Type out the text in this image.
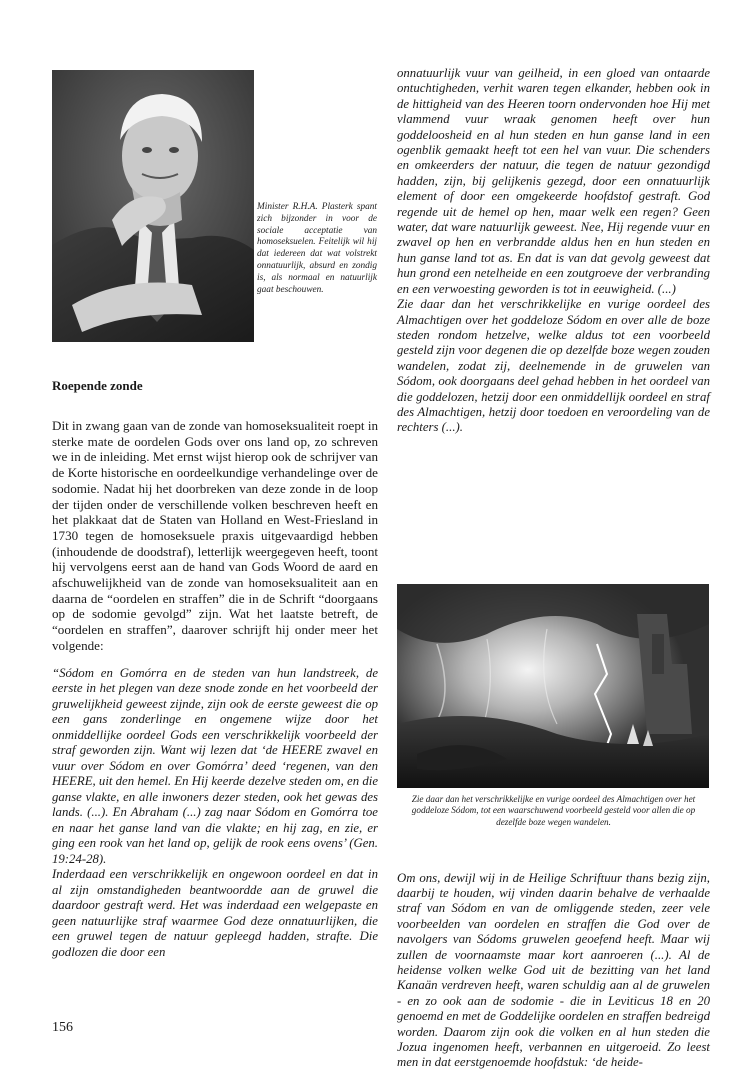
Minister R.H.A. Plasterk spant zich bijzonder in voor de sociale acceptatie van homoseksuelen. Feitelijk wil hij dat iedereen dat wat volstrekt onnatuurlijk, absurd en zondig is, als normaal en natuurlijk gaat beschouwen.
Roepende zonde

Dit in zwang gaan van de zonde van homoseksualiteit roept in sterke mate de oordelen Gods over ons land op, zo schreven we in de inleiding. Met ernst wijst hierop ook de schrijver van de Korte historische en oordeelkundige verhandelinge over de sodomie. Nadat hij het doorbreken van deze zonde in de loop der tijden onder de verschillende volken beschreven heeft en het plakkaat dat de Staten van Holland en West-Friesland in 1730 tegen de homoseksuele praxis uitgevaardigd hebben (inhoudende de doodstraf), letterlijk weergegeven heeft, toont hij vervolgens eerst aan de hand van Gods Woord de aard en afschuwelijkheid van de zonde van homoseksualiteit aan en daarna de “oordelen en straffen” die in de Schrift “doorgaans op de sodomie gevolgd” zijn. Wat het laatste betreft, de “oordelen en straffen”, daarover schrijft hij onder meer het volgende:

“Sódom en Gomórra en de steden van hun landstreek, de eerste in het plegen van deze snode zonde en het voorbeeld der gruwelijkheid geweest zijnde, zijn ook de eerste geweest die op een gans zonderlinge en ongemene wijze door het onmiddellijke oordeel Gods een verschrikkelijk voorbeeld der straf geworden zijn. Want wij lezen dat ‘de HEERE zwavel en vuur over Sódom en over Gomórra’ deed ‘regenen, van den HEERE, uit den hemel. En Hij keerde dezelve steden om, en die ganse vlakte, en alle inwoners dezer steden, ook het gewas des lands. (...). En Abraham (...) zag naar Sódom en Gomórra toe en naar het ganse land van die vlakte; en hij zag, en zie, er ging een rook van het land op, gelijk de rook eens ovens’ (Gen. 19:24-28).

Inderdaad een verschrikkelijk en ongewoon oordeel en dat in al zijn omstandigheden beantwoordde aan de gruwel die daardoor gestraft werd. Het was inderdaad een welgepaste en geen natuurlijke straf waarmee God deze onnatuurlijken, die een gruwel tegen de natuur gepleegd hadden, strafte. Die godlozen die door een

onnatuurlijk vuur van geilheid, in een gloed van ontaarde ontuchtigheden, verhit waren tegen elkander, hebben ook in de hittigheid van des Heeren toorn ondervonden hoe Hij met vlammend vuur wraak genomen heeft over hun goddeloosheid en al hun steden en hun ganse land in een ogenblik gemaakt heeft tot een hel van vuur. Die schenders en omkeerders der natuur, die tegen de natuur gezondigd hadden, zijn, bij gelijkenis gezegd, door een onnatuurlijk element of door een omgekeerde hoofdstof gestraft. God regende uit de hemel op hen, maar welk een regen? Geen water, dat ware natuurlijk geweest. Nee, Hij regende vuur en zwavel op hen en verbrandde aldus hen en hun steden en hun ganse land tot as. En dat is van dat gevolg geweest dat hun grond een netelheide en een zoutgroeve der verbranding en een verwoesting geworden is tot in eeuwigheid. (...)

Zie daar dan het verschrikkelijke en vurige oordeel des Almachtigen over het goddeloze Sódom en over alle de boze steden rondom hetzelve, welke aldus tot een voorbeeld gesteld zijn voor degenen die op dezelfde boze wegen zouden wandelen, zodat zij, deelnemende in de gruwelen van Sódom, ook doorgaans deel gehad hebben in het oordeel van die goddelozen, hetzij door een onmiddellijk oordeel en straf des Almachtigen, hetzij door toedoen en veroordeling van de rechters (...).

Zie daar dan het verschrikkelijke en vurige oordeel des Almachtigen over het goddeloze Sódom, tot een waarschuwend voorbeeld gesteld voor allen die op dezelfde boze wegen wandelen.

Om ons, dewijl wij in de Heilige Schriftuur thans bezig zijn, daarbij te houden, wij vinden daarin behalve de verhaalde straf van Sódom en van de omliggende steden, zeer vele voorbeelden van oordelen en straffen die God over de navolgers van Sódoms gruwelen geoefend heeft. Maar wij zullen de voornaamste maar kort aanroeren (...). Al de heidense volken welke God uit de bezitting van het land Kanaän verdreven heeft, waren schuldig aan al de gruwelen - en zo ook aan de sodomie - die in Leviticus 18 en 20 genoemd en met de Goddelijke oordelen en straffen bedreigd worden. Daarom zijn ook die volken en al hun steden die Jozua ingenomen heeft, verbannen en uitgeroeid. Zo leest men in dat eerstgenoemde hoofdstuk: ‘de heide-

156
